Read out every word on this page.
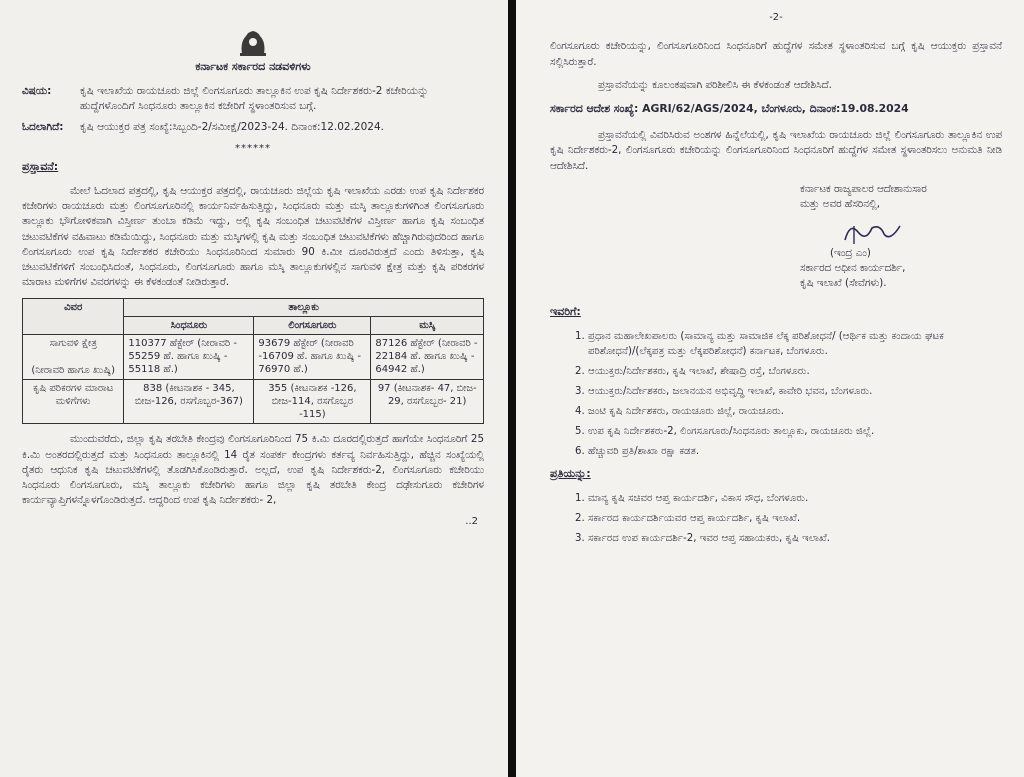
ಕರ್ನಾಟಕ ಸರ್ಕಾರದ ನಡವಳಿಗಳು

ವಿಷಯ:	ಕೃಷಿ ಇಲಾಖೆಯ ರಾಯಚೂರು ಜಿಲ್ಲೆ ಲಿಂಗಸೂಗೂರು ತಾಲ್ಲೂಕಿನ ಉಪ ಕೃಷಿ ನಿರ್ದೇಶಕರು-2 ಕಚೇರಿಯನ್ನು ಹುದ್ದೆಗಳೊಂದಿಗೆ ಸಿಂಧನೂರು ತಾಲ್ಲೂಕಿನ ಕಚೇರಿಗೆ ಸ್ಥಳಾಂತರಿಸುವ ಬಗ್ಗೆ.
ಓದಲಾಗಿದೆ:	ಕೃಷಿ ಆಯುಕ್ತರ ಪತ್ರ ಸಂಖ್ಯೆ:ಸಿಬ್ಬಂದಿ-2/ಸಮೀಕ್ಷೆ/2023-24. ದಿನಾಂಕ:12.02.2024.
******
ಪ್ರಸ್ತಾವನೆ:

ಮೇಲೆ ಓದಲಾದ ಪತ್ರದಲ್ಲಿ, ಕೃಷಿ ಆಯುಕ್ತರ ಪತ್ರದಲ್ಲಿ, ರಾಯಚೂರು ಜಿಲ್ಲೆಯ ಕೃಷಿ ಇಲಾಖೆಯ ಎರಡು ಉಪ ಕೃಷಿ ನಿರ್ದೇಶಕರ ಕಚೇರಿಗಳು ರಾಯಚೂರು ಮತ್ತು ಲಿಂಗಸೂಗೂರಿನಲ್ಲಿ ಕಾರ್ಯನಿರ್ವಹಿಸುತ್ತಿದ್ದು, ಸಿಂಧನೂರು ಮತ್ತು ಮಸ್ಕಿ ತಾಲ್ಲೂಕುಗಳಿಗಿಂತ ಲಿಂಗಸೂಗೂರು ತಾಲ್ಲೂಕು ಭೌಗೋಳಿಕವಾಗಿ ವಿಸ್ತೀರ್ಣ ತುಂಬಾ ಕಡಿಮೆ ಇದ್ದು, ಅಲ್ಲಿ ಕೃಷಿ ಸಂಬಂಧಿತ ಚಟುವಟಿಕೆಗಳ ವಿಸ್ತೀರ್ಣ ಹಾಗೂ ಕೃಷಿ ಸಂಬಂಧಿತ ಚಟುವಟಿಕೆಗಳ ವಹಿವಾಟು ಕಡಿಮೆಯಿದ್ದು, ಸಿಂಧನೂರು ಮತ್ತು ಮಸ್ಕಿಗಳಲ್ಲಿ ಕೃಷಿ ಮತ್ತು ಸಂಬಂಧಿತ ಚಟುವಟಿಕೆಗಳು ಹೆಚ್ಚಾಗಿರುವುದರಿಂದ ಹಾಗೂ ಲಿಂಗಸೂಗೂರು ಉಪ ಕೃಷಿ ನಿರ್ದೇಶಕರ ಕಚೇರಿಯು ಸಿಂಧನೂರಿನಿಂದ ಸುಮಾರು 90 ಕಿ.ಮೀ ದೂರವಿರುತ್ತದೆ ಎಂದು ತಿಳಿಸುತ್ತಾ, ಕೃಷಿ ಚಟುವಟಿಕೆಗಳಿಗೆ ಸಂಬಂಧಿಸಿದಂತೆ, ಸಿಂಧನೂರು, ಲಿಂಗಸೂಗೂರು ಹಾಗೂ ಮಸ್ಕಿ ತಾಲ್ಲೂಕುಗಳಲ್ಲಿನ ಸಾಗುವಳಿ ಕ್ಷೇತ್ರ ಮತ್ತು ಕೃಷಿ ಪರಿಕರಗಳ ಮಾರಾಟ ಮಳಿಗೆಗಳ ವಿವರಗಳನ್ನು ಈ ಕೆಳಕಂಡಂತೆ ನೀಡಿರುತ್ತಾರೆ.

ವಿವರ	ತಾಲ್ಲೂಕು		
	ಸಿಂಧನೂರು	ಲಿಂಗಸೂಗೂರು	ಮಸ್ಕಿ

ಸಾಗುವಳಿ ಕ್ಷೇತ್ರ
(ನೀರಾವರಿ ಹಾಗೂ ಖುಷ್ಕಿ)	110377 ಹೆಕ್ಟೇರ್ (ನೀರಾವರಿ - 55259 ಹೆ. ಹಾಗೂ ಖುಷ್ಕಿ - 55118 ಹೆ.)	93679 ಹೆಕ್ಟೇರ್ (ನೀರಾವರಿ -16709 ಹೆ. ಹಾಗೂ ಖುಷ್ಕಿ - 76970 ಹೆ.)	87126 ಹೆಕ್ಟೇರ್ (ನೀರಾವರಿ - 22184 ಹೆ. ಹಾಗೂ ಖುಷ್ಕಿ - 64942 ಹೆ.)
ಕೃಷಿ ಪರಿಕರಗಳ ಮಾರಾಟ ಮಳಿಗೆಗಳು	838 (ಕೀಟನಾಶಕ - 345, ಬೀಜ-126, ರಸಗೊಬ್ಬರ-367)	355 (ಕೀಟನಾಶಕ -126, ಬೀಜ-114, ರಸಗೊಬ್ಬರ -115)	97 (ಕೀಟನಾಶಕ- 47, ಬೀಜ- 29, ರಸಗೊಬ್ಬರ- 21)

ಮುಂದುವರೆದು, ಜಿಲ್ಲಾ ಕೃಷಿ ತರಬೇತಿ ಕೇಂದ್ರವು ಲಿಂಗಸೂಗೂರಿನಿಂದ 75 ಕಿ.ಮಿ ದೂರದಲ್ಲಿರುತ್ತದೆ ಹಾಗೆಯೇ ಸಿಂಧನೂರಿಗೆ 25 ಕಿ.ಮಿ ಅಂತರದಲ್ಲಿರುತ್ತದೆ ಮತ್ತು ಸಿಂಧನೂರು ತಾಲ್ಲೂಕಿನಲ್ಲಿ 14 ರೈತ ಸಂಪರ್ಕ ಕೇಂದ್ರಗಳು ಕರ್ತವ್ಯ ನಿರ್ವಹಿಸುತ್ತಿದ್ದು, ಹೆಚ್ಚಿನ ಸಂಖ್ಯೆಯಲ್ಲಿ ರೈತರು ಆಧುನಿಕ ಕೃಷಿ ಚಟುವಟಿಕೆಗಳಲ್ಲಿ ತೊಡಗಿಸಿಕೊಂಡಿರುತ್ತಾರೆ. ಅಲ್ಲದೆ, ಉಪ ಕೃಷಿ ನಿರ್ದೇಶಕರು-2, ಲಿಂಗಸೂಗೂರು ಕಚೇರಿಯು ಸಿಂಧನೂರು ಲಿಂಗಸೂಗೂರು, ಮಸ್ಕಿ ತಾಲ್ಲೂಕು ಕಚೇರಿಗಳು ಹಾಗೂ ಜಿಲ್ಲಾ ಕೃಷಿ ತರಬೇತಿ ಕೇಂದ್ರ ದಢೇಸುಗೂರು ಕಚೇರಿಗಳ ಕಾರ್ಯವ್ಯಾಪ್ತಿಗಳನ್ನೊಳಗೊಂಡಿರುತ್ತದೆ. ಆದ್ದರಿಂದ ಉಪ ಕೃಷಿ ನಿರ್ದೇಶಕರು- 2,

..2

-2-

ಲಿಂಗಸೂಗೂರು ಕಚೇರಿಯನ್ನು, ಲಿಂಗಸೂಗೂರಿನಿಂದ ಸಿಂಧನೂರಿಗೆ ಹುದ್ದೆಗಳ ಸಮೇತ ಸ್ಥಳಾಂತರಿಸುವ ಬಗ್ಗೆ ಕೃಷಿ ಆಯುಕ್ತರು ಪ್ರಸ್ತಾವನೆ ಸಲ್ಲಿಸಿರುತ್ತಾರೆ.

ಪ್ರಸ್ತಾವನೆಯನ್ನು ಕೂಲಂಕಷವಾಗಿ ಪರಿಶೀಲಿಸಿ ಈ ಕೆಳಕಂಡಂತೆ ಆದೇಶಿಸಿದೆ.

ಸರ್ಕಾರದ ಆದೇಶ ಸಂಖ್ಯೆ: AGRI/62/AGS/2024, ಬೆಂಗಳೂರು, ದಿನಾಂಕ:19.08.2024

ಪ್ರಸ್ತಾವನೆಯಲ್ಲಿ ವಿವರಿಸಿರುವ ಅಂಶಗಳ ಹಿನ್ನೆಲೆಯಲ್ಲಿ, ಕೃಷಿ ಇಲಾಖೆಯ ರಾಯಚೂರು ಜಿಲ್ಲೆ ಲಿಂಗಸೂಗೂರು ತಾಲ್ಲೂಕಿನ ಉಪ ಕೃಷಿ ನಿರ್ದೇಶಕರು-2, ಲಿಂಗಸೂಗೂರು ಕಚೇರಿಯನ್ನು ಲಿಂಗಸೂಗೂರಿನಿಂದ ಸಿಂಧನೂರಿಗೆ ಹುದ್ದೆಗಳ ಸಮೇತ ಸ್ಥಳಾಂತರಿಸಲು ಅನುಮತಿ ನೀಡಿ ಆದೇಶಿಸಿದೆ.

ಕರ್ನಾಟಕ ರಾಜ್ಯಪಾಲರ ಆದೇಶಾನುಸಾರ
ಮತ್ತು ಅವರ ಹೆಸರಿನಲ್ಲಿ,
(ಇಂದ್ರ ಎಂ)
ಸರ್ಕಾರದ ಅಧೀನ ಕಾರ್ಯದರ್ಶಿ,
ಕೃಷಿ ಇಲಾಖೆ (ಸೇವೆಗಳು).
ಇವರಿಗೆ:
1. ಪ್ರಧಾನ ಮಹಾಲೇಖಪಾಲರು (ಸಾಮಾನ್ಯ ಮತ್ತು ಸಾಮಾಜಿಕ ಲೆಕ್ಕ ಪರಿಶೋಧನೆ/ (ಆರ್ಥಿಕ ಮತ್ತು ಕಂದಾಯ ಘಟಕ ಪರಿಶೋಧನೆ)/(ಲೆಕ್ಕಪತ್ರ ಮತ್ತು ಲೆಕ್ಕಪರಿಶೋಧನೆ) ಕರ್ನಾಟಕ, ಬೆಂಗಳೂರು.
2. ಆಯುಕ್ತರು/ನಿರ್ದೇಶಕರು, ಕೃಷಿ ಇಲಾಖೆ, ಶೇಷಾದ್ರಿ ರಸ್ತೆ, ಬೆಂಗಳೂರು.
3. ಆಯುಕ್ತರು/ನಿರ್ದೇಶಕರು, ಜಲಾನಯನ ಅಭಿವೃದ್ಧಿ ಇಲಾಖೆ, ಕಾವೇರಿ ಭವನ, ಬೆಂಗಳೂರು.
4. ಜಂಟಿ ಕೃಷಿ ನಿರ್ದೇಶಕರು, ರಾಯಚೂರು ಜಿಲ್ಲೆ, ರಾಯಚೂರು.
5. ಉಪ ಕೃಷಿ ನಿರ್ದೇಶಕರು-2, ಲಿಂಗಸೂಗೂರು/ಸಿಂಧನೂರು ತಾಲ್ಲೂಕು, ರಾಯಚೂರು ಜಿಲ್ಲೆ.
6. ಹೆಚ್ಚುವರಿ ಪ್ರತಿ/ಶಾಖಾ ರಕ್ಷಾ ಕಡತ.
ಪ್ರತಿಯನ್ನು:
1. ಮಾನ್ಯ ಕೃಷಿ ಸಚಿವರ ಆಪ್ತ ಕಾರ್ಯದರ್ಶಿ, ವಿಕಾಸ ಸೌಧ, ಬೆಂಗಳೂರು.
2. ಸರ್ಕಾರದ ಕಾರ್ಯದರ್ಶಿಯವರ ಆಪ್ತ ಕಾರ್ಯದರ್ಶಿ, ಕೃಷಿ ಇಲಾಖೆ.
3. ಸರ್ಕಾರದ ಉಪ ಕಾರ್ಯದರ್ಶಿ-2, ಇವರ ಆಪ್ತ ಸಹಾಯಕರು, ಕೃಷಿ ಇಲಾಖೆ.
